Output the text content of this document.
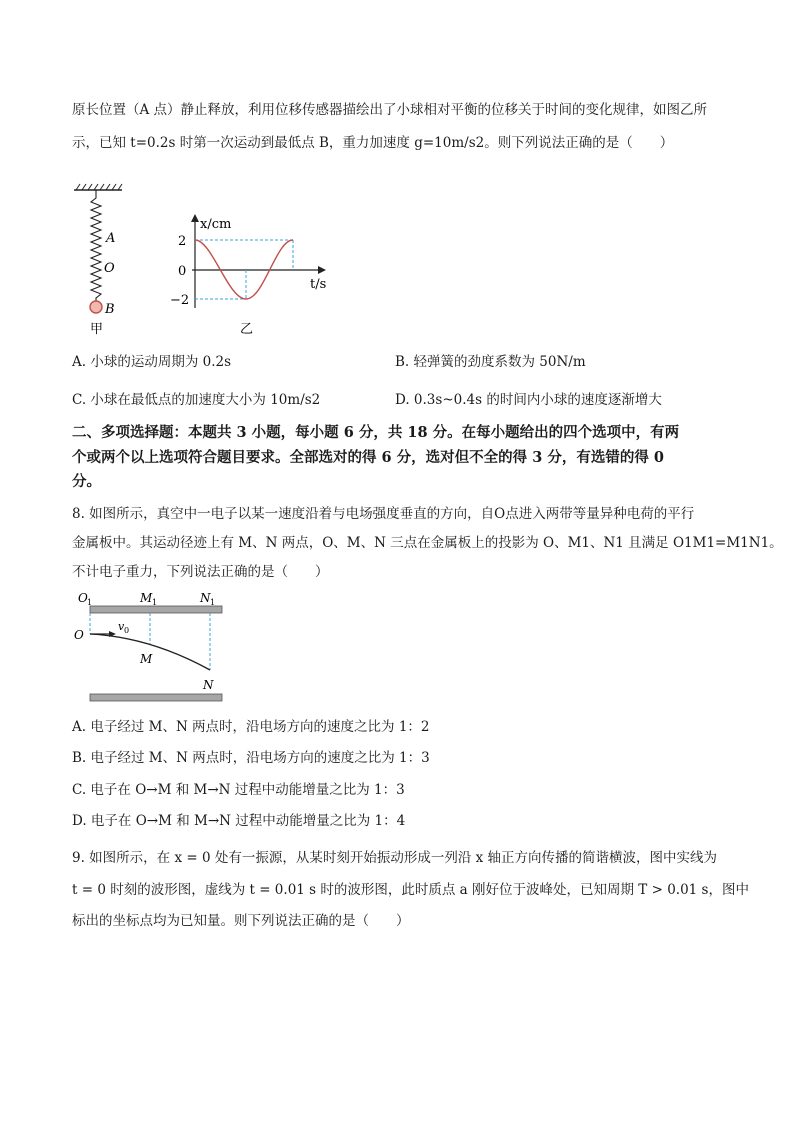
原长位置（A 点）静止释放，利用位移传感器描绘出了小球相对平衡的位移关于时间的变化规律，如图乙所
示，已知 t=0.2s 时第一次运动到最低点 B，重力加速度 g=10m/s2。则下列说法正确的是（　　）
A
O
B
甲
x/cm
t/s
2
0
−2
乙
A. 小球的运动周期为 0.2s	B. 轻弹簧的劲度系数为 50N/m
C. 小球在最低点的加速度大小为 10m/s2	D. 0.3s~0.4s 的时间内小球的速度逐渐增大
二、多项选择题：本题共 3 小题，每小题 6 分，共 18 分。在每小题给出的四个选项中，有两
个或两个以上选项符合题目要求。全部选对的得 6 分，选对但不全的得 3 分，有选错的得 0
分。
8. 如图所示，真空中一电子以某一速度沿着与电场强度垂直的方向，自O点进入两带等量异种电荷的平行
金属板中。其运动径迹上有 M、N 两点，O、M、N 三点在金属板上的投影为 O、M1、N1 且满足 O1M1=M1N1。
不计电子重力，下列说法正确的是（　　）
O 1	M 1	N 1
O
v 0
M
N
A. 电子经过 M、N 两点时，沿电场方向的速度之比为 1：2
B. 电子经过 M、N 两点时，沿电场方向的速度之比为 1：3
C. 电子在 O→M 和 M→N 过程中动能增量之比为 1：3
D. 电子在 O→M 和 M→N 过程中动能增量之比为 1：4
9. 如图所示，在 x = 0 处有一振源，从某时刻开始振动形成一列沿 x 轴正方向传播的简谐横波，图中实线为
t = 0 时刻的波形图，虚线为 t = 0.01 s 时的波形图，此时质点 a 刚好位于波峰处，已知周期 T > 0.01 s，图中
标出的坐标点均为已知量。则下列说法正确的是（　　）
